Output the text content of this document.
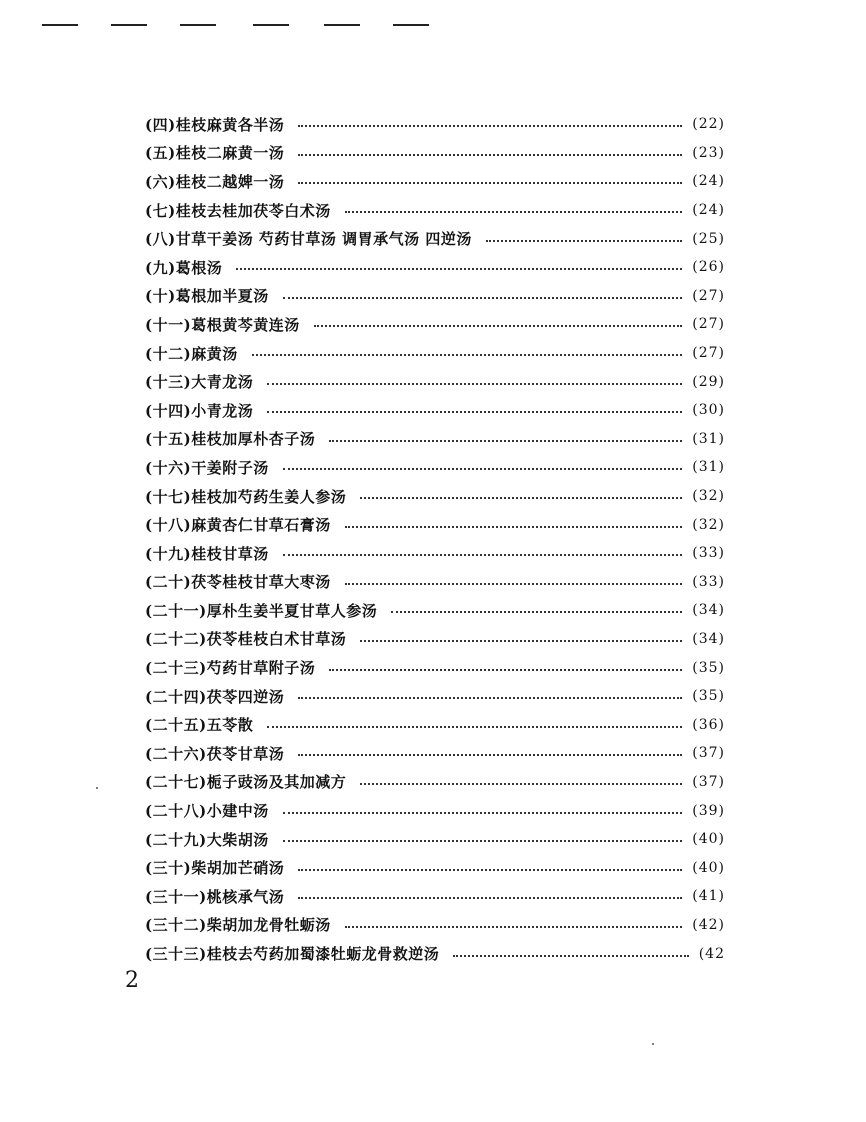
(四)桂枝麻黄各半汤	(22)
(五)桂枝二麻黄一汤	(23)
(六)桂枝二越婢一汤	(24)
(七)桂枝去桂加茯苓白术汤	(24)
(八)甘草干姜汤 芍药甘草汤 调胃承气汤 四逆汤	(25)
(九)葛根汤	(26)
(十)葛根加半夏汤	(27)
(十一)葛根黄芩黄连汤	(27)
(十二)麻黄汤	(27)
(十三)大青龙汤	(29)
(十四)小青龙汤	(30)
(十五)桂枝加厚朴杏子汤	(31)
(十六)干姜附子汤	(31)
(十七)桂枝加芍药生姜人参汤	(32)
(十八)麻黄杏仁甘草石膏汤	(32)
(十九)桂枝甘草汤	(33)
(二十)茯苓桂枝甘草大枣汤	(33)
(二十一)厚朴生姜半夏甘草人参汤	(34)
(二十二)茯苓桂枝白术甘草汤	(34)
(二十三)芍药甘草附子汤	(35)
(二十四)茯苓四逆汤	(35)
(二十五)五苓散	(36)
(二十六)茯苓甘草汤	(37)
(二十七)栀子豉汤及其加减方	(37)
(二十八)小建中汤	(39)
(二十九)大柴胡汤	(40)
(三十)柴胡加芒硝汤	(40)
(三十一)桃核承气汤	(41)
(三十二)柴胡加龙骨牡蛎汤	(42)
(三十三)桂枝去芍药加蜀漆牡蛎龙骨救逆汤	(42
2
